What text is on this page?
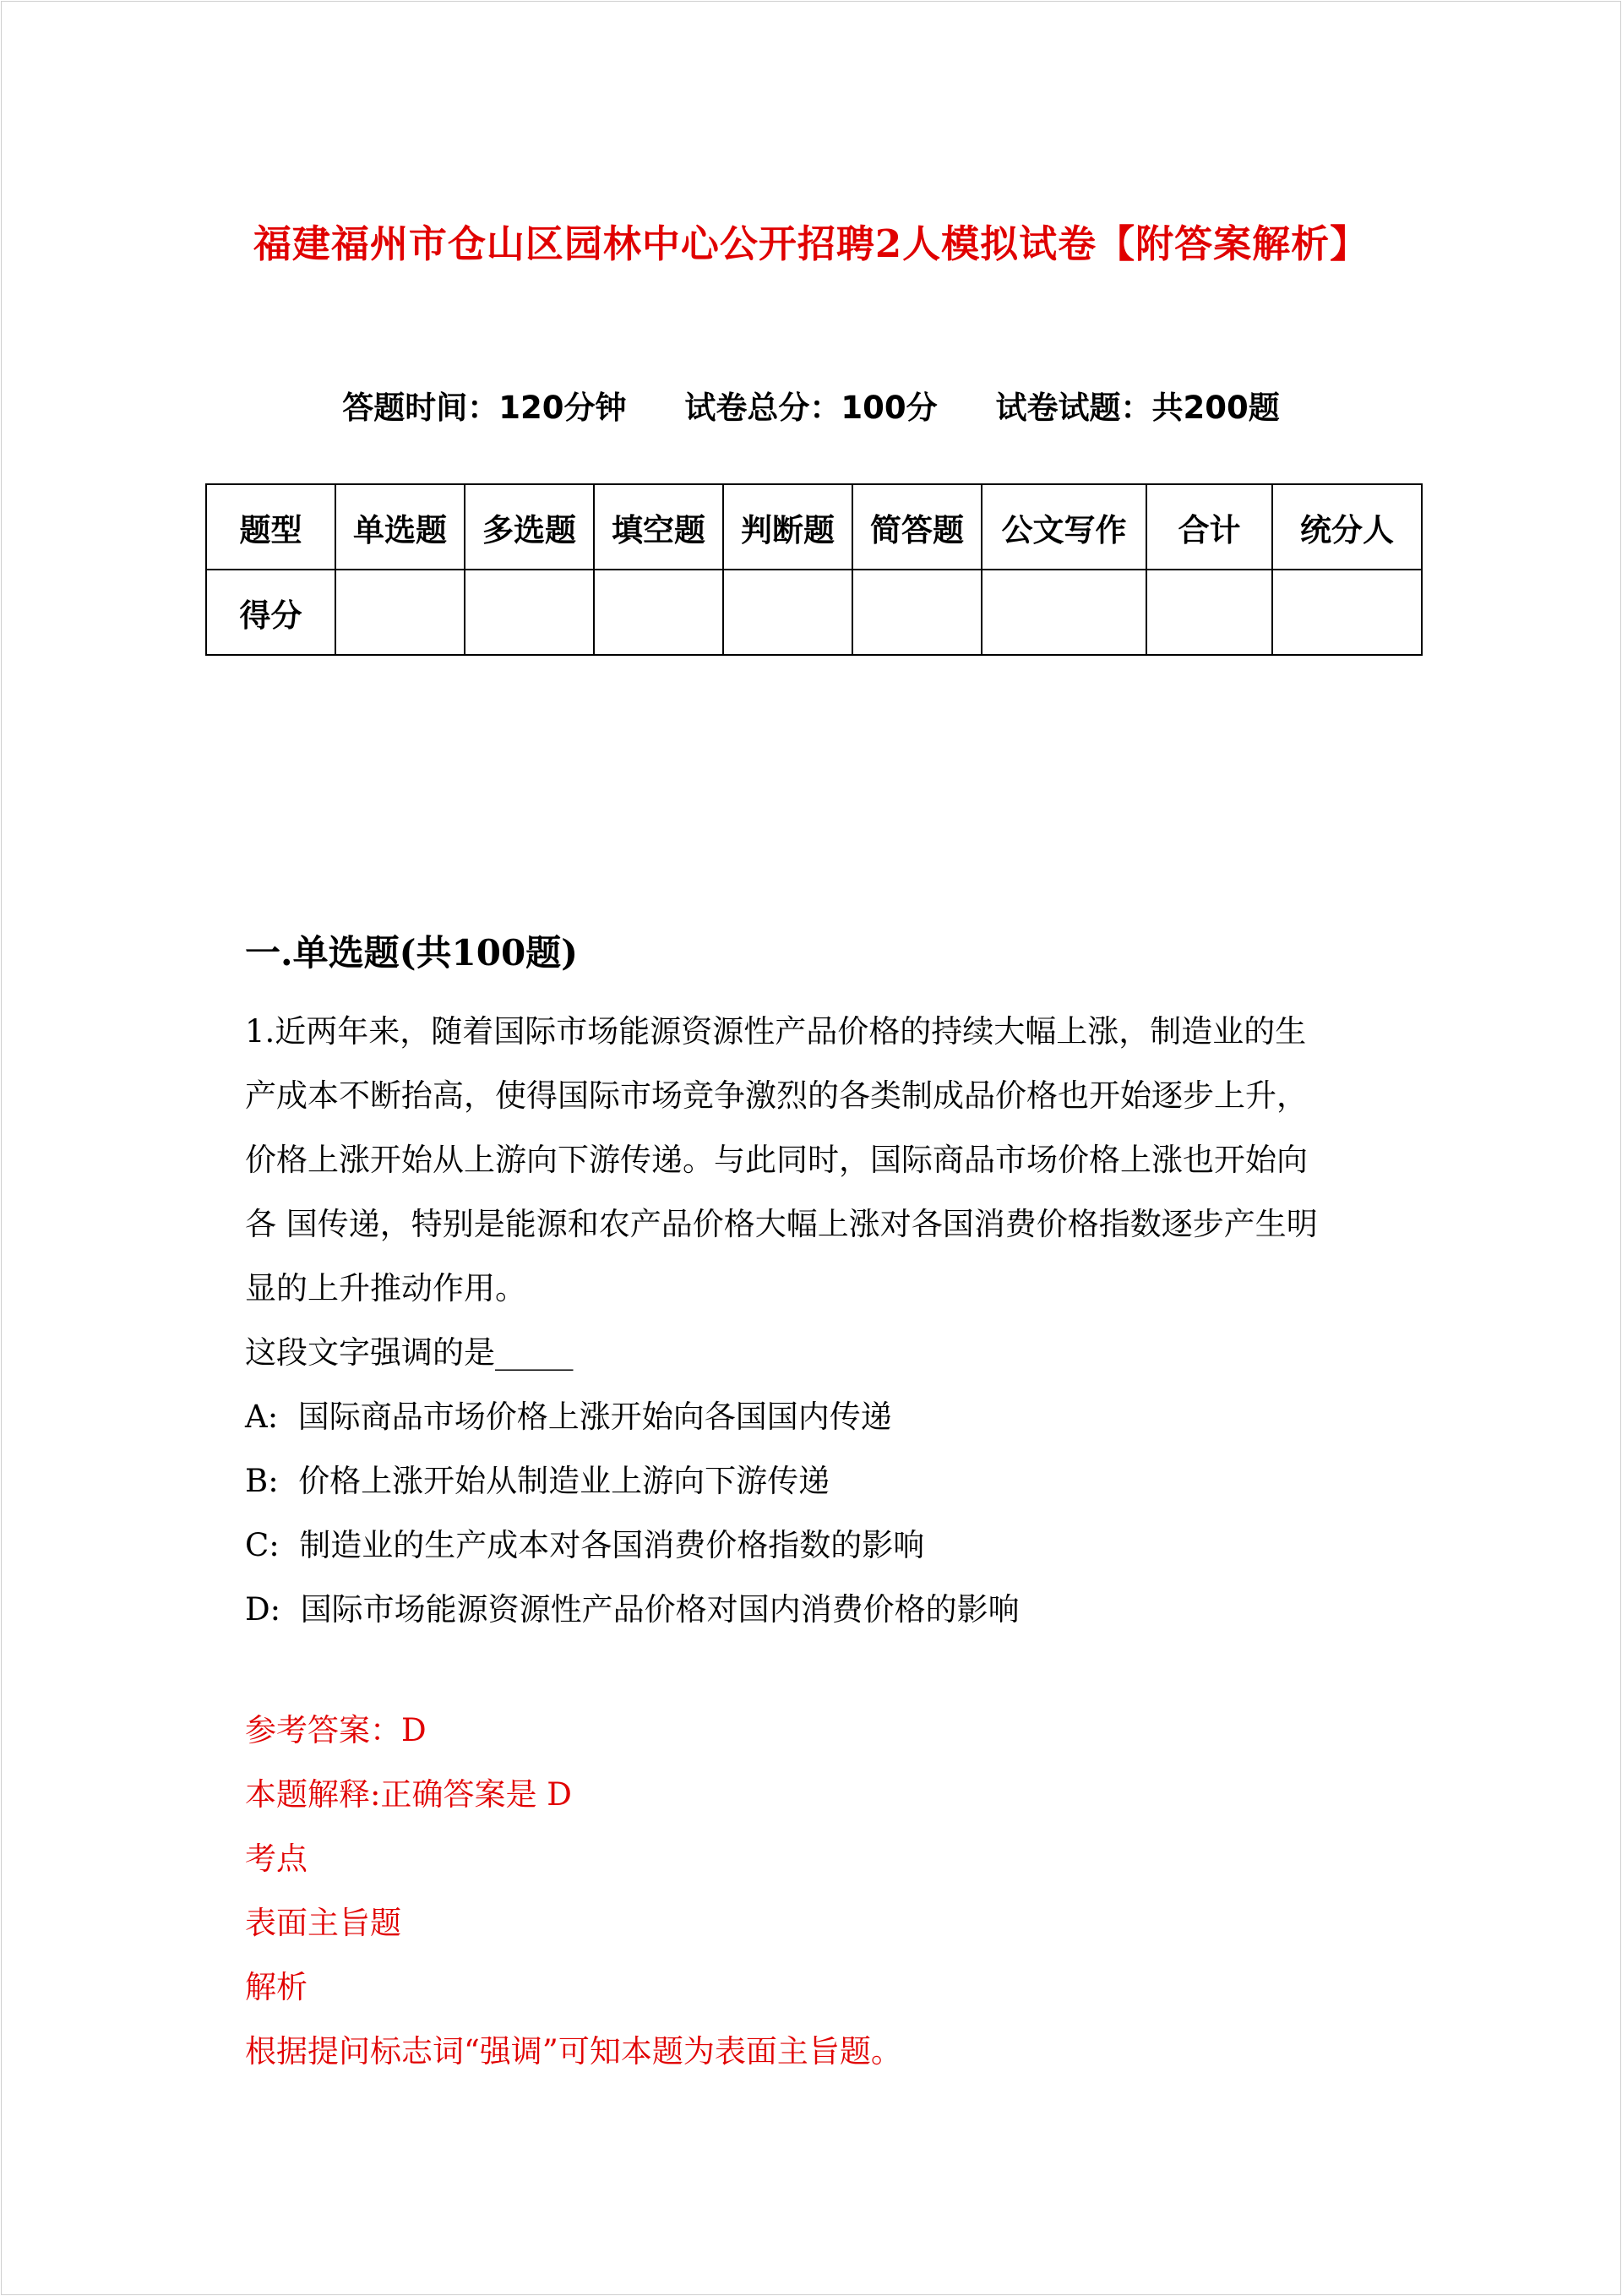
福建福州市仓山区园林中心公开招聘2人模拟试卷【附答案解析】
答题时间：120分钟 试卷总分：100分 试卷试题：共200题
题型	单选题	多选题	填空题	判断题	简答题	公文写作	合计	统分人
得分								
一.单选题(共100题)

1.近两年来，随着国际市场能源资源性产品价格的持续大幅上涨，制造业的生

产成本不断抬高，使得国际市场竞争激烈的各类制成品价格也开始逐步上升，

价格上涨开始从上游向下游传递。与此同时，国际商品市场价格上涨也开始向

各 国传递，特别是能源和农产品价格大幅上涨对各国消费价格指数逐步产生明

显的上升推动作用。

这段文字强调的是_____

A:  国际商品市场价格上涨开始向各国国内传递

B:  价格上涨开始从制造业上游向下游传递

C:  制造业的生产成本对各国消费价格指数的影响

D:  国际市场能源资源性产品价格对国内消费价格的影响

参考答案：D

本题解释:正确答案是 D

考点

表面主旨题

解析

根据提问标志词“强调”可知本题为表面主旨题。
